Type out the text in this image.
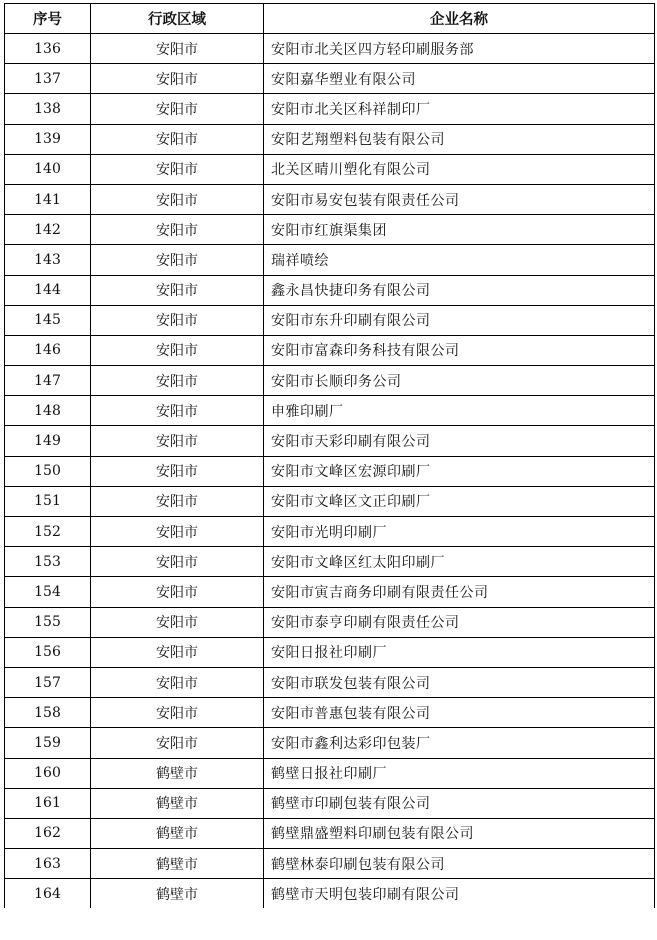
序号	行政区域	企业名称
136	安阳市	安阳市北关区四方轻印刷服务部
137	安阳市	安阳嘉华塑业有限公司
138	安阳市	安阳市北关区科祥制印厂
139	安阳市	安阳艺翔塑料包装有限公司
140	安阳市	北关区晴川塑化有限公司
141	安阳市	安阳市易安包装有限责任公司
142	安阳市	安阳市红旗渠集团
143	安阳市	瑞祥喷绘
144	安阳市	鑫永昌快捷印务有限公司
145	安阳市	安阳市东升印刷有限公司
146	安阳市	安阳市富森印务科技有限公司
147	安阳市	安阳市长顺印务公司
148	安阳市	申雅印刷厂
149	安阳市	安阳市天彩印刷有限公司
150	安阳市	安阳市文峰区宏源印刷厂
151	安阳市	安阳市文峰区文正印刷厂
152	安阳市	安阳市光明印刷厂
153	安阳市	安阳市文峰区红太阳印刷厂
154	安阳市	安阳市寅吉商务印刷有限责任公司
155	安阳市	安阳市泰亨印刷有限责任公司
156	安阳市	安阳日报社印刷厂
157	安阳市	安阳市联发包装有限公司
158	安阳市	安阳市普惠包装有限公司
159	安阳市	安阳市鑫利达彩印包装厂
160	鹤壁市	鹤壁日报社印刷厂
161	鹤壁市	鹤壁市印刷包装有限公司
162	鹤壁市	鹤壁鼎盛塑料印刷包装有限公司
163	鹤壁市	鹤壁林泰印刷包装有限公司
164	鹤壁市	鹤壁市天明包装印刷有限公司
